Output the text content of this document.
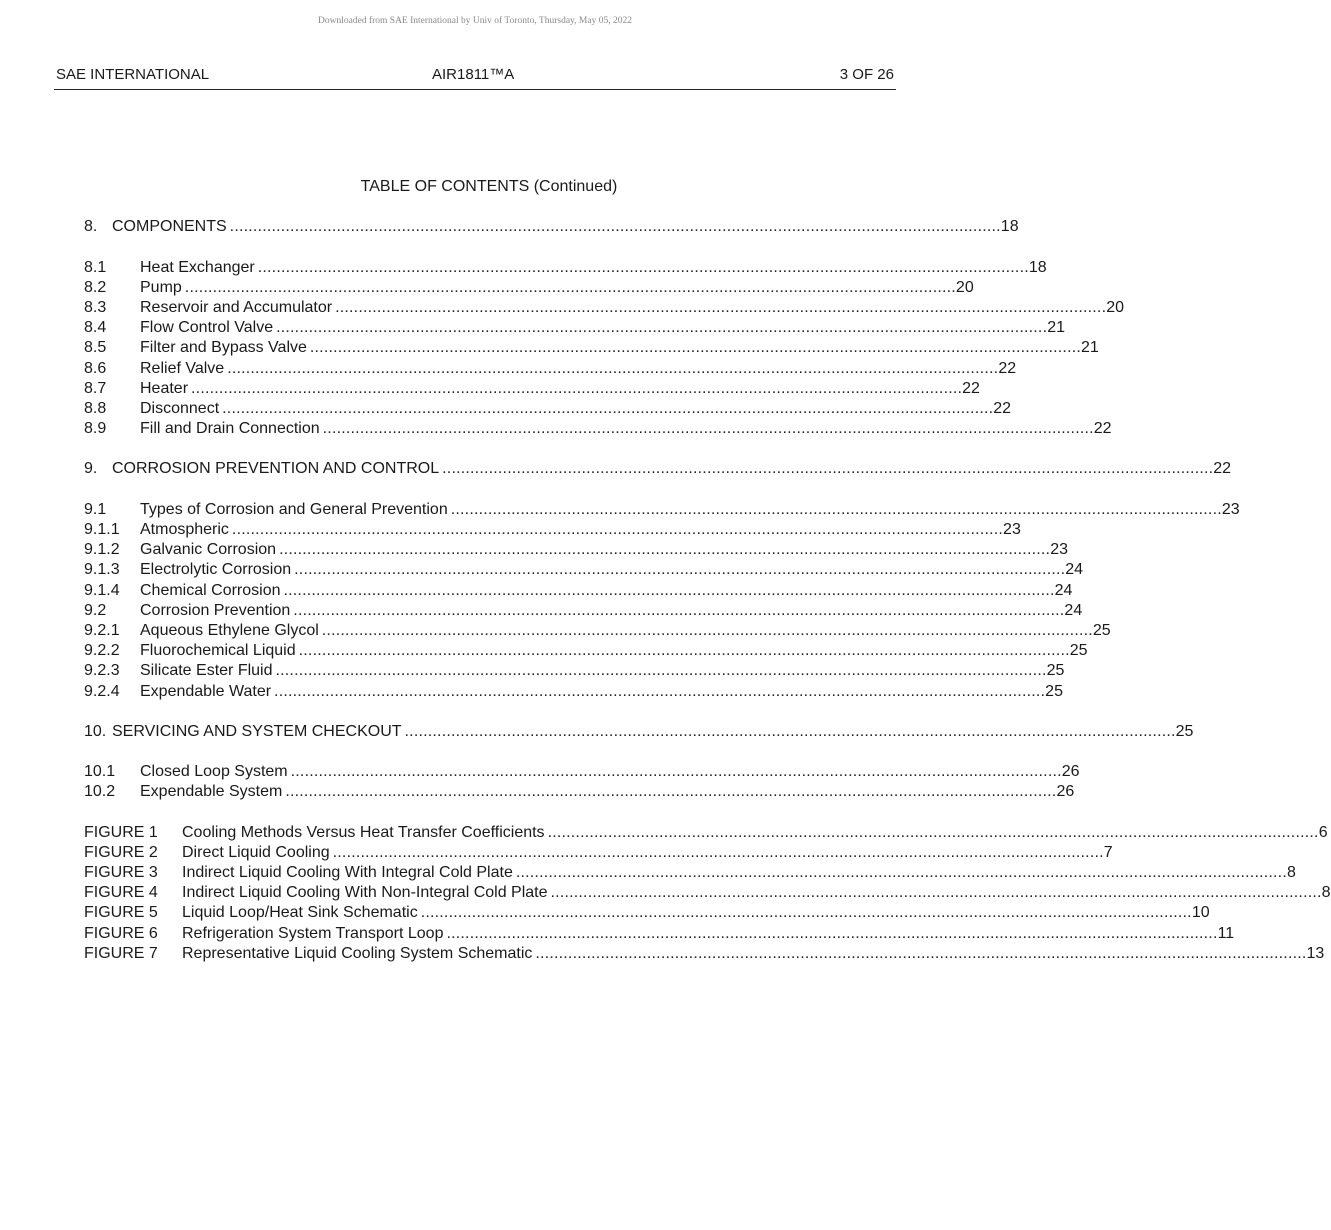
Downloaded from SAE International by Univ of Toronto, Thursday, May 05, 2022
SAE INTERNATIONAL	AIR1811™A	3 OF 26
TABLE OF CONTENTS (Continued)
8. COMPONENTS ...................................................................................................................................................................... 18
8.1	Heat Exchanger ...................................................................................................................................................................... 18
8.2	Pump ...................................................................................................................................................................... 20
8.3	Reservoir and Accumulator ...................................................................................................................................................................... 20
8.4	Flow Control Valve ...................................................................................................................................................................... 21
8.5	Filter and Bypass Valve ...................................................................................................................................................................... 21
8.6	Relief Valve ...................................................................................................................................................................... 22
8.7	Heater ...................................................................................................................................................................... 22
8.8	Disconnect ...................................................................................................................................................................... 22
8.9	Fill and Drain Connection ...................................................................................................................................................................... 22
9. CORROSION PREVENTION AND CONTROL ...................................................................................................................................................................... 22
9.1	Types of Corrosion and General Prevention ...................................................................................................................................................................... 23
9.1.1	Atmospheric ...................................................................................................................................................................... 23
9.1.2	Galvanic Corrosion ...................................................................................................................................................................... 23
9.1.3	Electrolytic Corrosion ...................................................................................................................................................................... 24
9.1.4	Chemical Corrosion ...................................................................................................................................................................... 24
9.2	Corrosion Prevention ...................................................................................................................................................................... 24
9.2.1	Aqueous Ethylene Glycol ...................................................................................................................................................................... 25
9.2.2	Fluorochemical Liquid ...................................................................................................................................................................... 25
9.2.3	Silicate Ester Fluid ...................................................................................................................................................................... 25
9.2.4	Expendable Water ...................................................................................................................................................................... 25
10. SERVICING AND SYSTEM CHECKOUT ...................................................................................................................................................................... 25
10.1	Closed Loop System ...................................................................................................................................................................... 26
10.2	Expendable System ...................................................................................................................................................................... 26
FIGURE 1	Cooling Methods Versus Heat Transfer Coefficients ...................................................................................................................................................................... 6
FIGURE 2	Direct Liquid Cooling ...................................................................................................................................................................... 7
FIGURE 3	Indirect Liquid Cooling With Integral Cold Plate ...................................................................................................................................................................... 8
FIGURE 4	Indirect Liquid Cooling With Non-Integral Cold Plate ...................................................................................................................................................................... 8
FIGURE 5	Liquid Loop/Heat Sink Schematic ...................................................................................................................................................................... 10
FIGURE 6	Refrigeration System Transport Loop ...................................................................................................................................................................... 11
FIGURE 7	Representative Liquid Cooling System Schematic ...................................................................................................................................................................... 13
